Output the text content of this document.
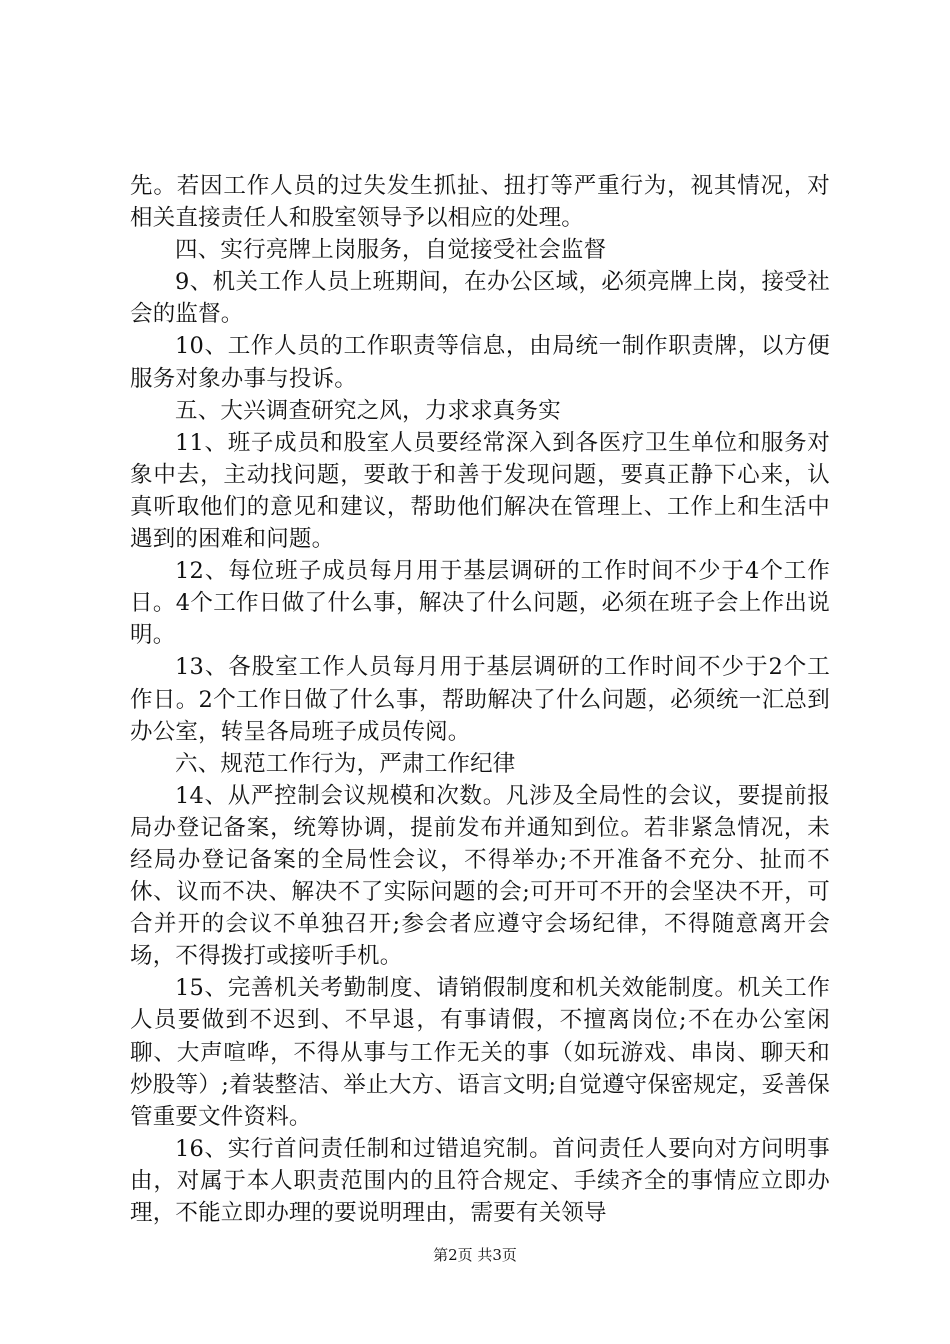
先。若因工作人员的过失发生抓扯、扭打等严重行为，视其情况，对相关直接责任人和股室领导予以相应的处理。

四、实行亮牌上岗服务，自觉接受社会监督

9、机关工作人员上班期间，在办公区域，必须亮牌上岗，接受社会的监督。

10、工作人员的工作职责等信息，由局统一制作职责牌，以方便服务对象办事与投诉。

五、大兴调查研究之风，力求求真务实

11、班子成员和股室人员要经常深入到各医疗卫生单位和服务对象中去，主动找问题，要敢于和善于发现问题，要真正静下心来，认真听取他们的意见和建议，帮助他们解决在管理上、工作上和生活中遇到的困难和问题。

12、每位班子成员每月用于基层调研的工作时间不少于4个工作日。4个工作日做了什么事，解决了什么问题，必须在班子会上作出说明。

13、各股室工作人员每月用于基层调研的工作时间不少于2个工作日。2个工作日做了什么事，帮助解决了什么问题，必须统一汇总到办公室，转呈各局班子成员传阅。

六、规范工作行为，严肃工作纪律

14、从严控制会议规模和次数。凡涉及全局性的会议，要提前报局办登记备案，统筹协调，提前发布并通知到位。若非紧急情况，未经局办登记备案的全局性会议，不得举办;不开准备不充分、扯而不休、议而不决、解决不了实际问题的会;可开可不开的会坚决不开，可合并开的会议不单独召开;参会者应遵守会场纪律，不得随意离开会场，不得拨打或接听手机。

15、完善机关考勤制度、请销假制度和机关效能制度。机关工作人员要做到不迟到、不早退，有事请假，不擅离岗位;不在办公室闲聊、大声喧哗，不得从事与工作无关的事（如玩游戏、串岗、聊天和炒股等）;着装整洁、举止大方、语言文明;自觉遵守保密规定，妥善保管重要文件资料。

16、实行首问责任制和过错追究制。首问责任人要向对方问明事由，对属于本人职责范围内的且符合规定、手续齐全的事情应立即办理，不能立即办理的要说明理由，需要有关领导

第2页 共3页
